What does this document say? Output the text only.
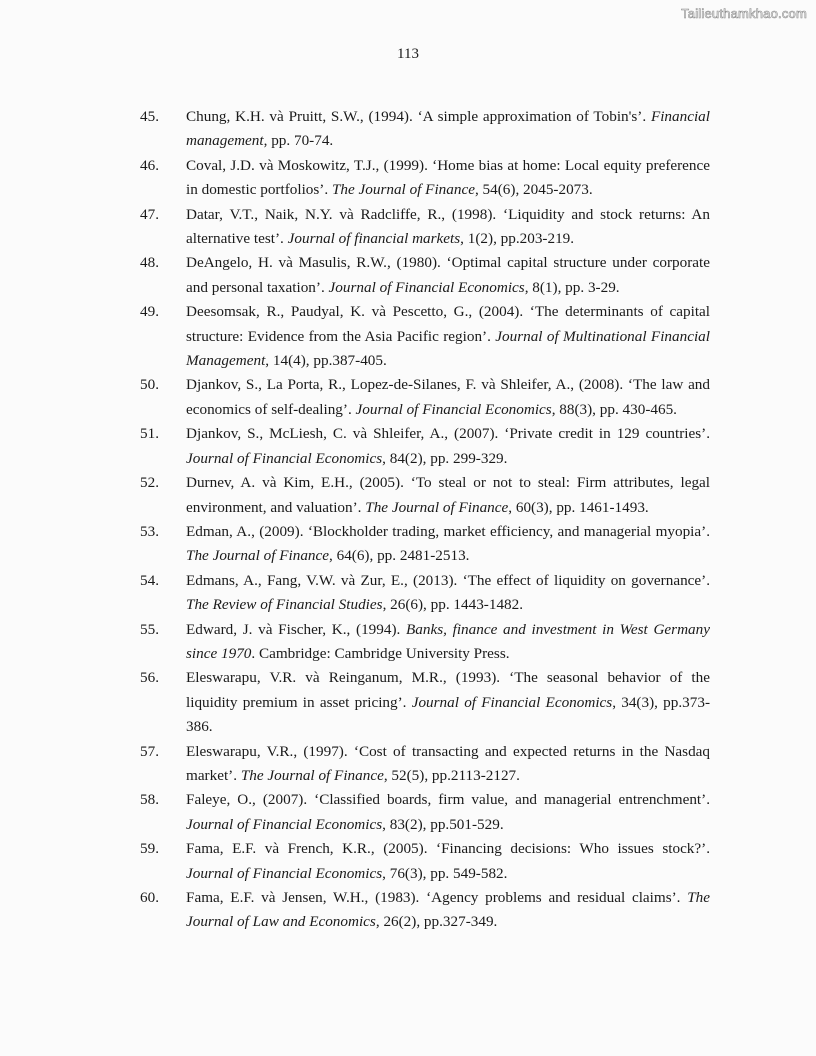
Tailieuthamkhao.com
113
45. Chung, K.H. và Pruitt, S.W., (1994). ‘A simple approximation of Tobin's’. Financial management, pp. 70-74.
46. Coval, J.D. và Moskowitz, T.J., (1999). ‘Home bias at home: Local equity preference in domestic portfolios’. The Journal of Finance, 54(6), 2045-2073.
47. Datar, V.T., Naik, N.Y. và Radcliffe, R., (1998). ‘Liquidity and stock returns: An alternative test’. Journal of financial markets, 1(2), pp.203-219.
48. DeAngelo, H. và Masulis, R.W., (1980). ‘Optimal capital structure under corporate and personal taxation’. Journal of Financial Economics, 8(1), pp. 3-29.
49. Deesomsak, R., Paudyal, K. và Pescetto, G., (2004). ‘The determinants of capital structure: Evidence from the Asia Pacific region’. Journal of Multinational Financial Management, 14(4), pp.387-405.
50. Djankov, S., La Porta, R., Lopez-de-Silanes, F. và Shleifer, A., (2008). ‘The law and economics of self-dealing’. Journal of Financial Economics, 88(3), pp. 430-465.
51. Djankov, S., McLiesh, C. và Shleifer, A., (2007). ‘Private credit in 129 countries’. Journal of Financial Economics, 84(2), pp. 299-329.
52. Durnev, A. và Kim, E.H., (2005). ‘To steal or not to steal: Firm attributes, legal environment, and valuation’. The Journal of Finance, 60(3), pp. 1461-1493.
53. Edman, A., (2009). ‘Blockholder trading, market efficiency, and managerial myopia’. The Journal of Finance, 64(6), pp. 2481-2513.
54. Edmans, A., Fang, V.W. và Zur, E., (2013). ‘The effect of liquidity on governance’. The Review of Financial Studies, 26(6), pp. 1443-1482.
55. Edward, J. và Fischer, K., (1994). Banks, finance and investment in West Germany since 1970. Cambridge: Cambridge University Press.
56. Eleswarapu, V.R. và Reinganum, M.R., (1993). ‘The seasonal behavior of the liquidity premium in asset pricing’. Journal of Financial Economics, 34(3), pp.373-386.
57. Eleswarapu, V.R., (1997). ‘Cost of transacting and expected returns in the Nasdaq market’. The Journal of Finance, 52(5), pp.2113-2127.
58. Faleye, O., (2007). ‘Classified boards, firm value, and managerial entrenchment’. Journal of Financial Economics, 83(2), pp.501-529.
59. Fama, E.F. và French, K.R., (2005). ‘Financing decisions: Who issues stock?’. Journal of Financial Economics, 76(3), pp. 549-582.
60. Fama, E.F. và Jensen, W.H., (1983). ‘Agency problems and residual claims’. The Journal of Law and Economics, 26(2), pp.327-349.
